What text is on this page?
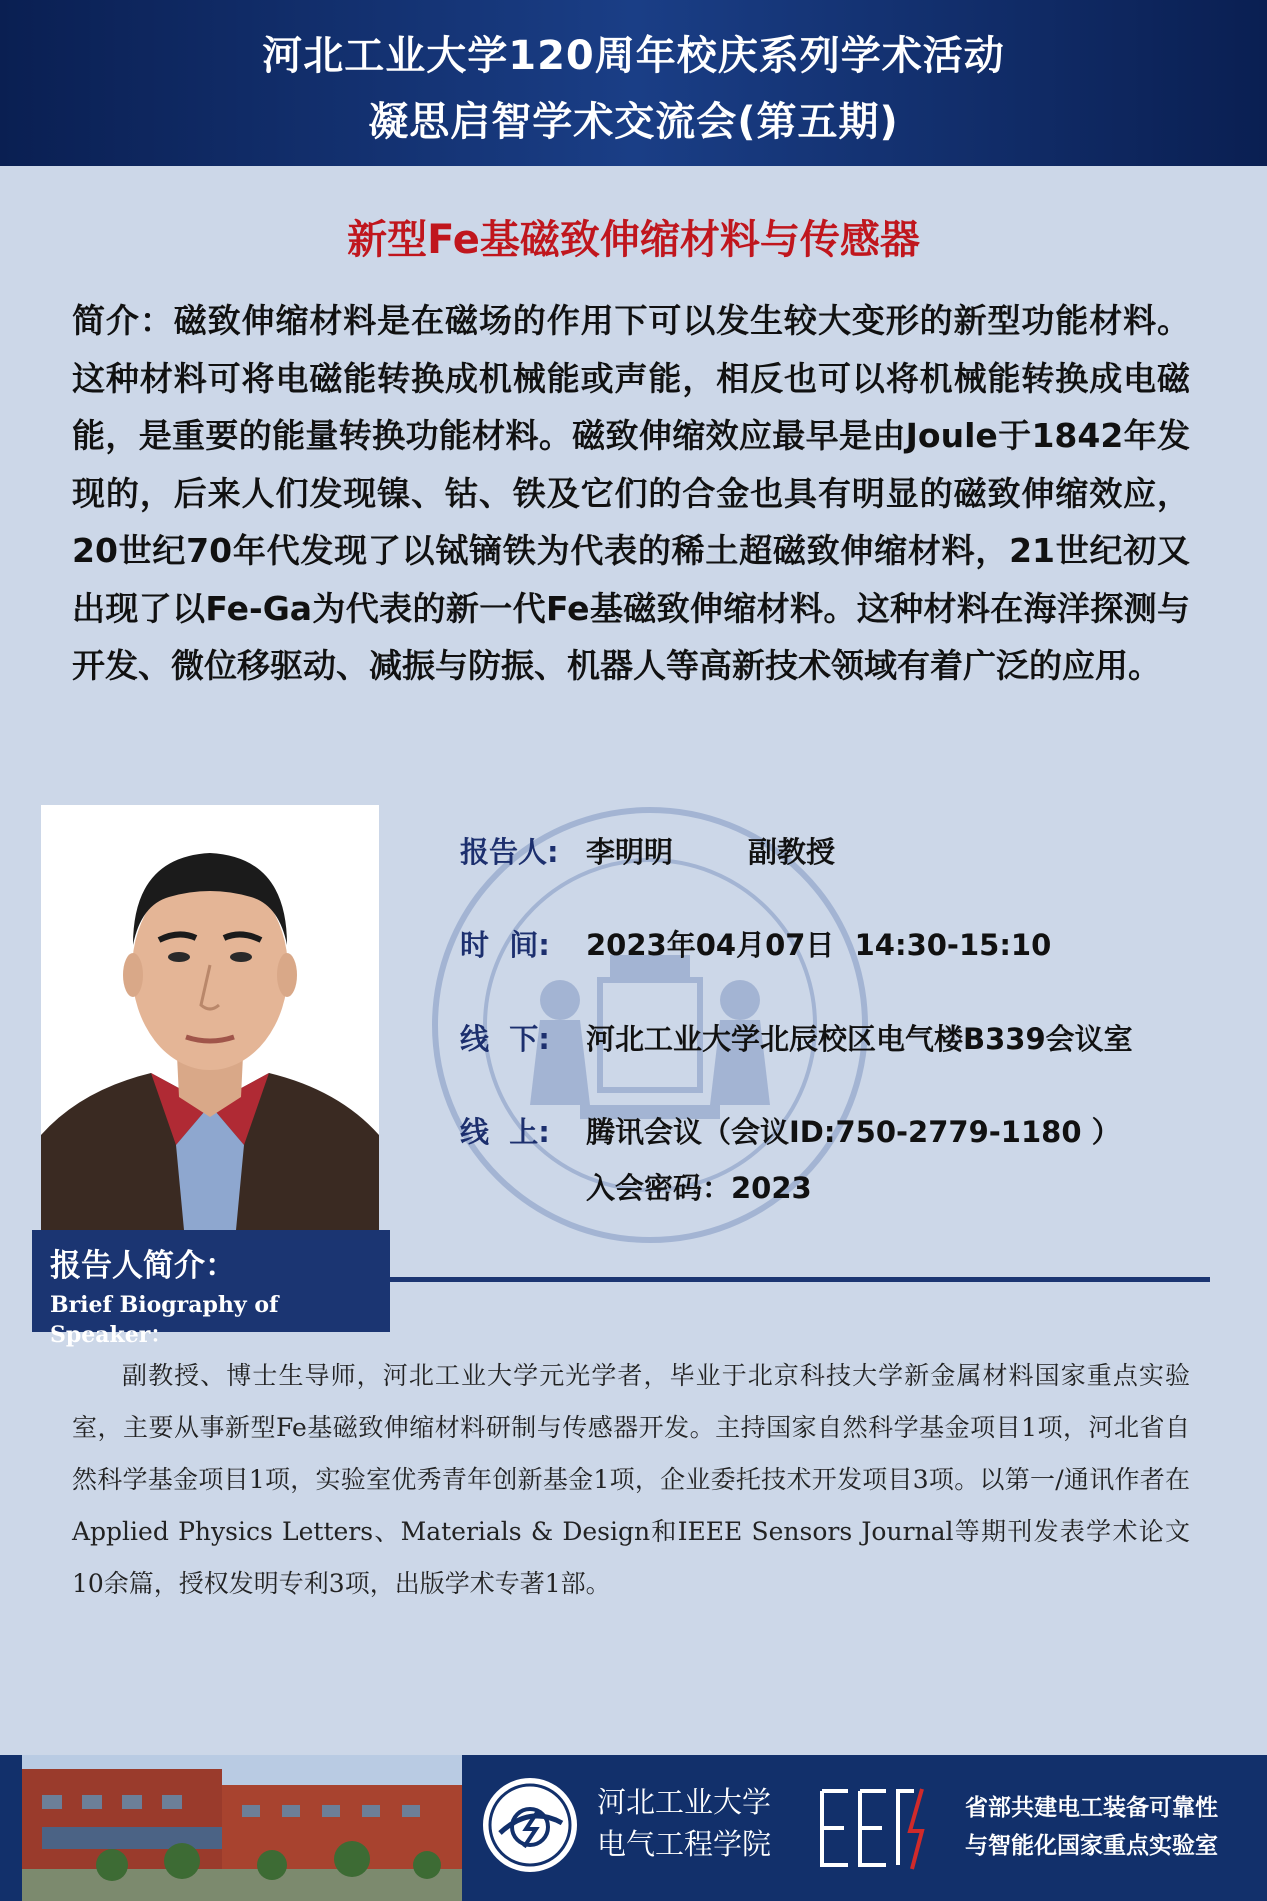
河北工业大学120周年校庆系列学术活动
凝思启智学术交流会(第五期)
新型Fe基磁致伸缩材料与传感器
简介：磁致伸缩材料是在磁场的作用下可以发生较大变形的新型功能材料。这种材料可将电磁能转换成机械能或声能，相反也可以将机械能转换成电磁能，是重要的能量转换功能材料。磁致伸缩效应最早是由Joule于1842年发现的，后来人们发现镍、钴、铁及它们的合金也具有明显的磁致伸缩效应，20世纪70年代发现了以铽镝铁为代表的稀土超磁致伸缩材料，21世纪初又出现了以Fe-Ga为代表的新一代Fe基磁致伸缩材料。这种材料在海洋探测与开发、微位移驱动、减振与防振、机器人等高新技术领域有着广泛的应用。
报告人: 李明明	副教授
时  间: 2023年04月07日  14:30-15:10
线  下: 河北工业大学北辰校区电气楼B339会议室
线  上: 腾讯会议（会议ID:750-2779-1180 ）
入会密码：2023
报告人简介：
Brief Biography of Speaker：
副教授、博士生导师，河北工业大学元光学者，毕业于北京科技大学新金属材料国家重点实验室，主要从事新型Fe基磁致伸缩材料研制与传感器开发。主持国家自然科学基金项目1项，河北省自然科学基金项目1项，实验室优秀青年创新基金1项，企业委托技术开发项目3项。以第一/通讯作者在Applied Physics Letters、Materials & Design和IEEE Sensors Journal等期刊发表学术论文10余篇，授权发明专利3项，出版学术专著1部。
河北工业大学
电气工程学院
省部共建电工装备可靠性
与智能化国家重点实验室
